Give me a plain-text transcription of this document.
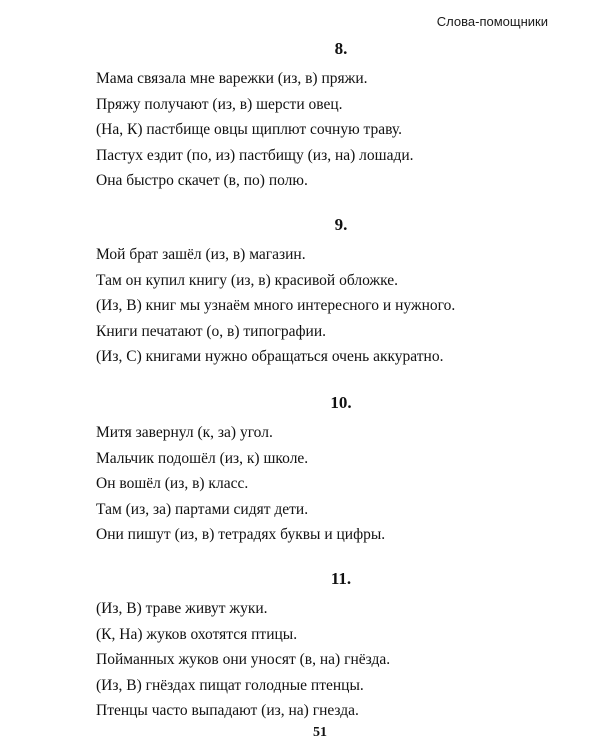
Слова-помощники
8.
Мама связала мне варежки (из, в) пряжи.
Пряжу получают (из, в) шерсти овец.
(На, К) пастбище овцы щиплют сочную траву.
Пастух ездит (по, из) пастбищу (из, на) лошади.
Она быстро скачет (в, по) полю.
9.
Мой брат зашёл (из, в) магазин.
Там он купил книгу (из, в) красивой обложке.
(Из, В) книг мы узнаём много интересного и нужного.
Книги печатают (о, в) типографии.
(Из, С) книгами нужно обращаться очень аккуратно.
10.
Митя завернул (к, за) угол.
Мальчик подошёл (из, к) школе.
Он вошёл (из, в) класс.
Там (из, за) партами сидят дети.
Они пишут (из, в) тетрадях буквы и цифры.
11.
(Из, В) траве живут жуки.
(К, На) жуков охотятся птицы.
Пойманных жуков они уносят (в, на) гнёзда.
(Из, В) гнёздах пищат голодные птенцы.
Птенцы часто выпадают (из, на) гнезда.
51
